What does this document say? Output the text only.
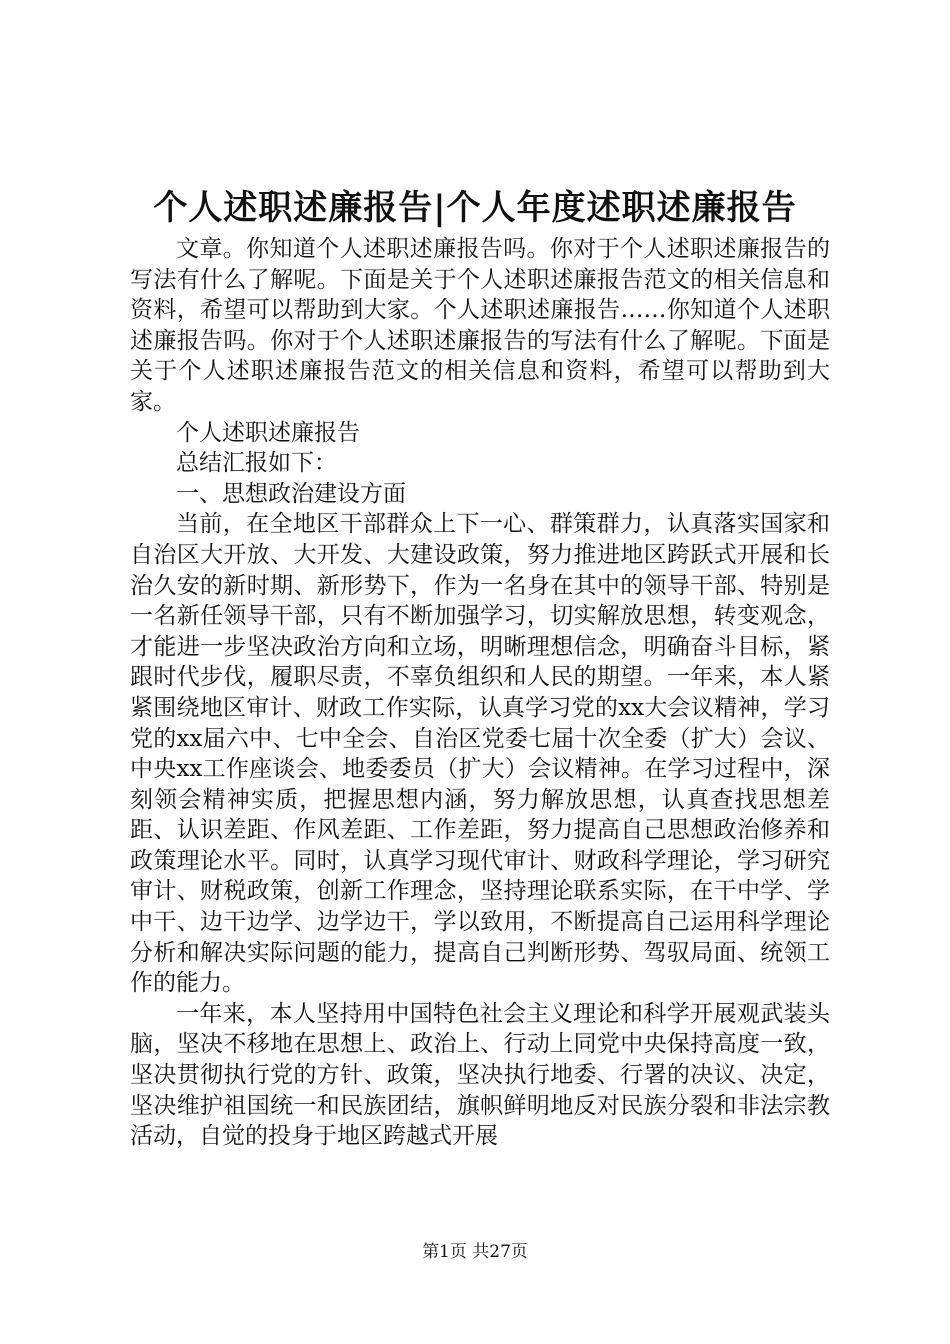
个人述职述廉报告|个人年度述职述廉报告

文章。你知道个人述职述廉报告吗。你对于个人述职述廉报告的写法有什么了解呢。下面是关于个人述职述廉报告范文的相关信息和资料，希望可以帮助到大家。个人述职述廉报告……你知道个人述职述廉报告吗。你对于个人述职述廉报告的写法有什么了解呢。下面是关于个人述职述廉报告范文的相关信息和资料，希望可以帮助到大家。

个人述职述廉报告

总结汇报如下：

一、思想政治建设方面

当前，在全地区干部群众上下一心、群策群力，认真落实国家和自治区大开放、大开发、大建设政策，努力推进地区跨跃式开展和长治久安的新时期、新形势下，作为一名身在其中的领导干部、特别是一名新任领导干部，只有不断加强学习，切实解放思想，转变观念，才能进一步坚决政治方向和立场，明晰理想信念，明确奋斗目标，紧跟时代步伐，履职尽责，不辜负组织和人民的期望。一年来，本人紧紧围绕地区审计、财政工作实际，认真学习党的xx大会议精神，学习党的xx届六中、七中全会、自治区党委七届十次全委（扩大）会议、中央xx工作座谈会、地委委员（扩大）会议精神。在学习过程中，深刻领会精神实质，把握思想内涵，努力解放思想，认真查找思想差距、认识差距、作风差距、工作差距，努力提高自己思想政治修养和政策理论水平。同时，认真学习现代审计、财政科学理论，学习研究审计、财税政策，创新工作理念，坚持理论联系实际，在干中学、学中干、边干边学、边学边干，学以致用，不断提高自己运用科学理论分析和解决实际问题的能力，提高自己判断形势、驾驭局面、统领工作的能力。

一年来，本人坚持用中国特色社会主义理论和科学开展观武装头脑，坚决不移地在思想上、政治上、行动上同党中央保持高度一致，坚决贯彻执行党的方针、政策，坚决执行地委、行署的决议、决定，坚决维护祖国统一和民族团结，旗帜鲜明地反对民族分裂和非法宗教活动，自觉的投身于地区跨越式开展

第1页 共27页
